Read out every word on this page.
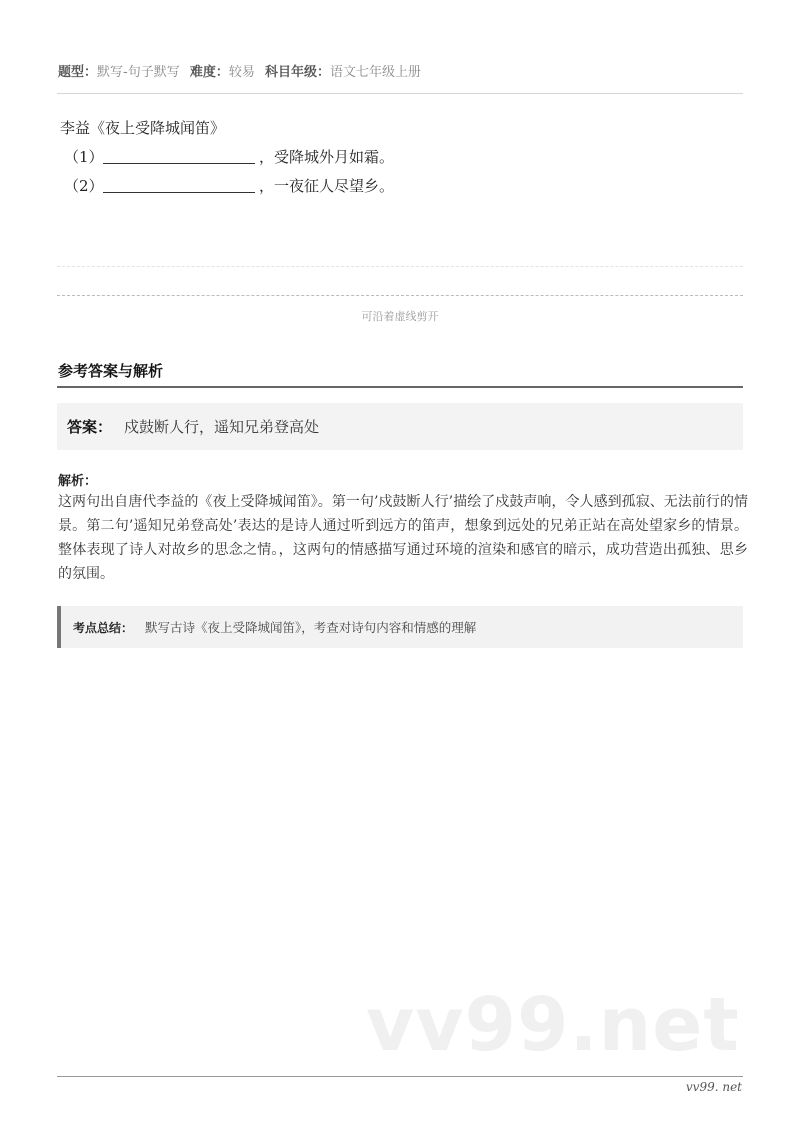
题型：默写-句子默写 难度：较易 科目年级：语文七年级上册
李益《夜上受降城闻笛》
（1）	，受降城外月如霜。
（2）	，一夜征人尽望乡。
可沿着虚线剪开
参考答案与解析
答案： 戍鼓断人行，遥知兄弟登高处
解析：
这两句出自唐代李益的《夜上受降城闻笛》。第一句’戍鼓断人行’描绘了戍鼓声响，令人感到孤寂、无法前行的情景。第二句’遥知兄弟登高处’表达的是诗人通过听到远方的笛声，想象到远处的兄弟正站在高处望家乡的情景。整体表现了诗人对故乡的思念之情。，这两句的情感描写通过环境的渲染和感官的暗示，成功营造出孤独、思乡的氛围。
考点总结： 默写古诗《夜上受降城闻笛》，考查对诗句内容和情感的理解
vv99.net
vv99. net
